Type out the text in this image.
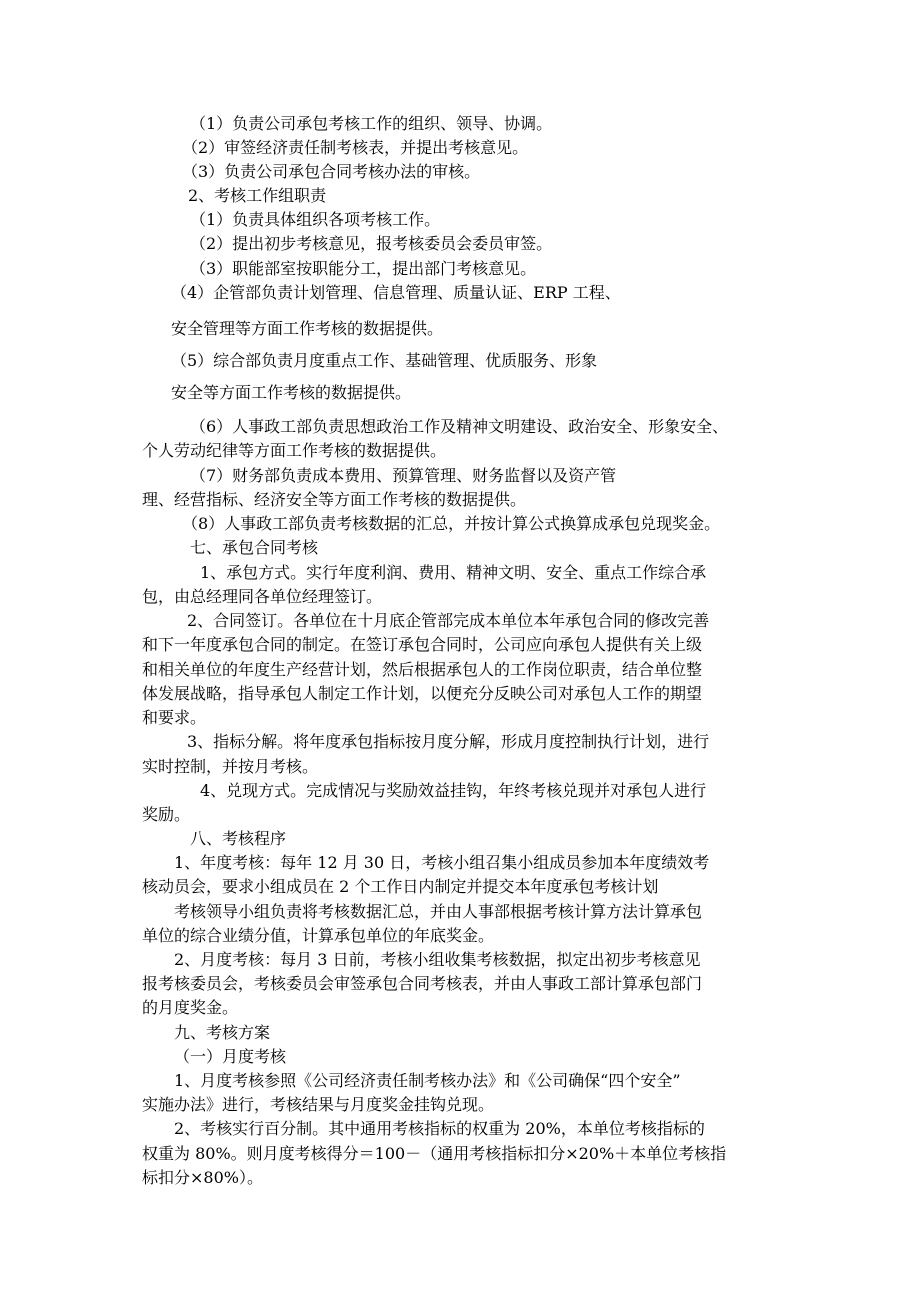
（1）负责公司承包考核工作的组织、领导、协调。
（2）审签经济责任制考核表，并提出考核意见。
（3）负责公司承包合同考核办法的审核。
2、考核工作组职责
（1）负责具体组织各项考核工作。
（2）提出初步考核意见，报考核委员会委员审签。
（3）职能部室按职能分工，提出部门考核意见。
（4）企管部负责计划管理、信息管理、质量认证、ERP 工程、
安全管理等方面工作考核的数据提供。
（5）综合部负责月度重点工作、基础管理、优质服务、形象
安全等方面工作考核的数据提供。
（6）人事政工部负责思想政治工作及精神文明建设、政治安全、形象安全、
个人劳动纪律等方面工作考核的数据提供。
（7）财务部负责成本费用、预算管理、财务监督以及资产管
理、经营指标、经济安全等方面工作考核的数据提供。
（8）人事政工部负责考核数据的汇总，并按计算公式换算成承包兑现奖金。
七、承包合同考核
1、承包方式。实行年度利润、费用、精神文明、安全、重点工作综合承
包，由总经理同各单位经理签订。
2、合同签订。各单位在十月底企管部完成本单位本年承包合同的修改完善
和下一年度承包合同的制定。在签订承包合同时，公司应向承包人提供有关上级
和相关单位的年度生产经营计划，然后根据承包人的工作岗位职责，结合单位整
体发展战略，指导承包人制定工作计划，以便充分反映公司对承包人工作的期望
和要求。
3、指标分解。将年度承包指标按月度分解，形成月度控制执行计划，进行
实时控制，并按月考核。
4、兑现方式。完成情况与奖励效益挂钩，年终考核兑现并对承包人进行
奖励。
八、考核程序
1、年度考核：每年 12 月 30 日，考核小组召集小组成员参加本年度绩效考
核动员会，要求小组成员在 2 个工作日内制定并提交本年度承包考核计划
考核领导小组负责将考核数据汇总，并由人事部根据考核计算方法计算承包
单位的综合业绩分值，计算承包单位的年底奖金。
2、月度考核：每月 3 日前，考核小组收集考核数据，拟定出初步考核意见
报考核委员会，考核委员会审签承包合同考核表，并由人事政工部计算承包部门
的月度奖金。
九、考核方案
（一）月度考核
1、月度考核参照《公司经济责任制考核办法》和《公司确保“四个安全”
实施办法》进行，考核结果与月度奖金挂钩兑现。
2、考核实行百分制。其中通用考核指标的权重为 20%，本单位考核指标的
权重为 80%。则月度考核得分＝100－（通用考核指标扣分×20%＋本单位考核指
标扣分×80%）。
